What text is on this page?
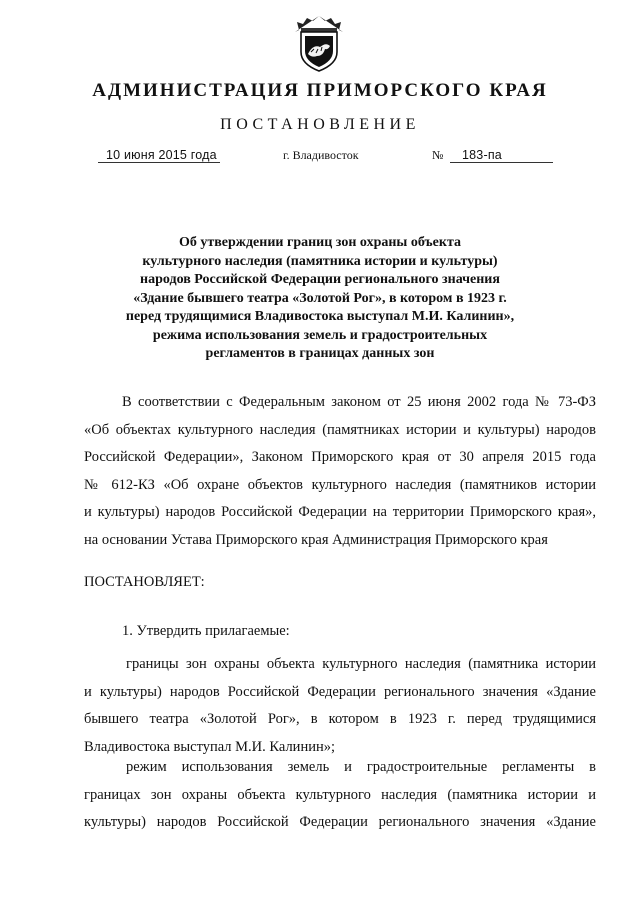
АДМИНИСТРАЦИЯ ПРИМОРСКОГО КРАЯ
ПОСТАНОВЛЕНИЕ
10 июня 2015 года	г. Владивосток	№	183-па
Об утверждении границ зон охраны объекта
культурного наследия (памятника истории и культуры)
народов Российской Федерации регионального значения
«Здание бывшего театра «Золотой Рог», в котором в 1923 г.
перед трудящимися Владивостока выступал М.И. Калинин»,
режима использования земель и градостроительных
регламентов в границах данных зон
В соответствии с Федеральным законом от 25 июня 2002 года № 73-ФЗ
«Об объектах культурного наследия (памятниках истории и культуры) народов
Российской Федерации», Законом Приморского края от 30 апреля 2015 года
№ 612-КЗ «Об охране объектов культурного наследия (памятников истории
и культуры) народов Российской Федерации на территории Приморского края»,
на основании Устава Приморского края Администрация Приморского края
ПОСТАНОВЛЯЕТ:
1. Утвердить прилагаемые:
границы зон охраны объекта культурного наследия (памятника истории
и культуры) народов Российской Федерации регионального значения «Здание
бывшего театра «Золотой Рог», в котором в 1923 г. перед трудящимися
Владивостока выступал М.И. Калинин»;
режим использования земель и градостроительные регламенты в
границах зон охраны объекта культурного наследия (памятника истории и
культуры) народов Российской Федерации регионального значения «Здание
